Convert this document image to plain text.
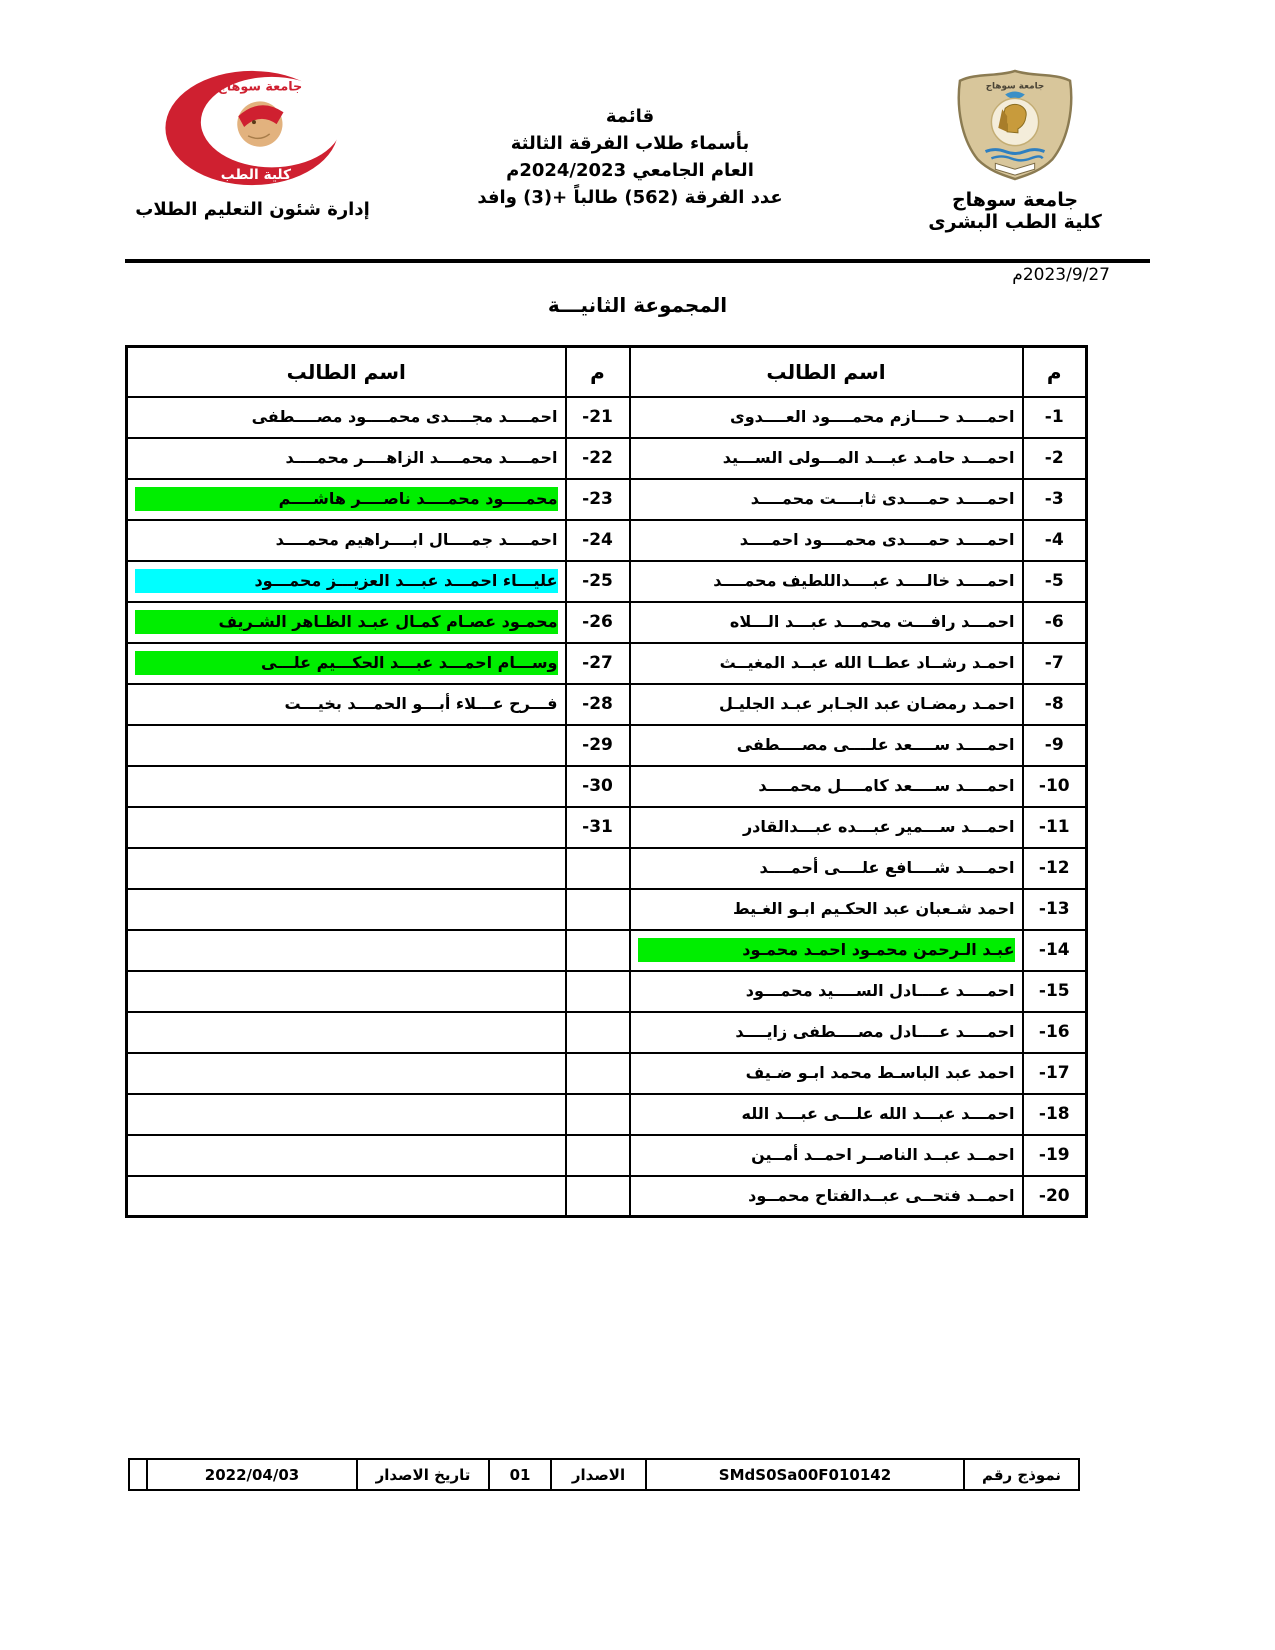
جامعة سوهاج
جامعة سوهاج
كلية الطب البشرى
قائمة
بأسماء طلاب الفرقة الثالثة
العام الجامعي 2024/2023م
عدد الفرقة (562) طالباً +(3) وافد
جامعة سوهاج
كلية الطب
إدارة شئون التعليم الطلاب
2023/9/27م
المجموعة الثانيـــة
م	اسم الطالب	م	اسم الطالب
1-	احمــــد حــــازم محمــــود العــــدوى	21-	احمــــد مجــــدى محمــــود مصــــطفى

2-	احمـــد حامـد عبـــد المـــولى الســـيد	22-	احمــــد محمــــد الزاهــــر محمــــد

3-	احمــــد حمــــدى ثابــــت محمــــد	23-	محمــــود محمــــد ناصــــر هاشــــم

4-	احمــــد حمــــدى محمــــود احمــــد	24-	احمــــد جمــــال ابــــراهيم محمــــد

5-	احمــــد خالــــد عبــــداللطيف محمــــد	25-	عليـــاء احمـــد عبـــد العزيـــز محمـــود

6-	احمـــد رافـــت محمـــد عبـــد الـــلاه	26-	محمـود عصـام كمـال عبـد الظـاهر الشـريف

7-	احمـد رشــاد عطــا الله عبــد المغيــث	27-	وســـام احمـــد عبـــد الحكـــيم علـــى

8-	احمـد رمضـان عبد الجـابر عبـد الجليـل	28-	فـــرح عـــلاء أبـــو الحمـــد بخيـــت

9-	احمــــد ســــعد علــــى مصــــطفى	29-	
10-	احمــــد ســــعد كامــــل محمــــد	30-	
11-	احمـــد ســـمير عبـــده عبـــدالقادر	31-	
12-	احمــــد شــــافع علــــى أحمــــد		

13-	احمد شـعبان عبد الحكـيم ابـو الغـيط		

14-	عبـد الـرحمن محمـود احمـد محمـود		

15-	احمــــد عــــادل الســــيد محمـــود		

16-	احمــــد عــــادل مصــــطفى زايــــد		

17-	احمد عبد الباسـط محمد ابـو ضـيف		

18-	احمـــد عبـــد الله علـــى عبـــد الله		

19-	احمــد عبــد الناصــر احمــد أمــين		

20-	احمــد فتحــى عبــدالفتاح محمــود		

نموذج رقم	SMdS0Sa00F010142	الاصدار	01	تاريخ الاصدار	2022/04/03	
